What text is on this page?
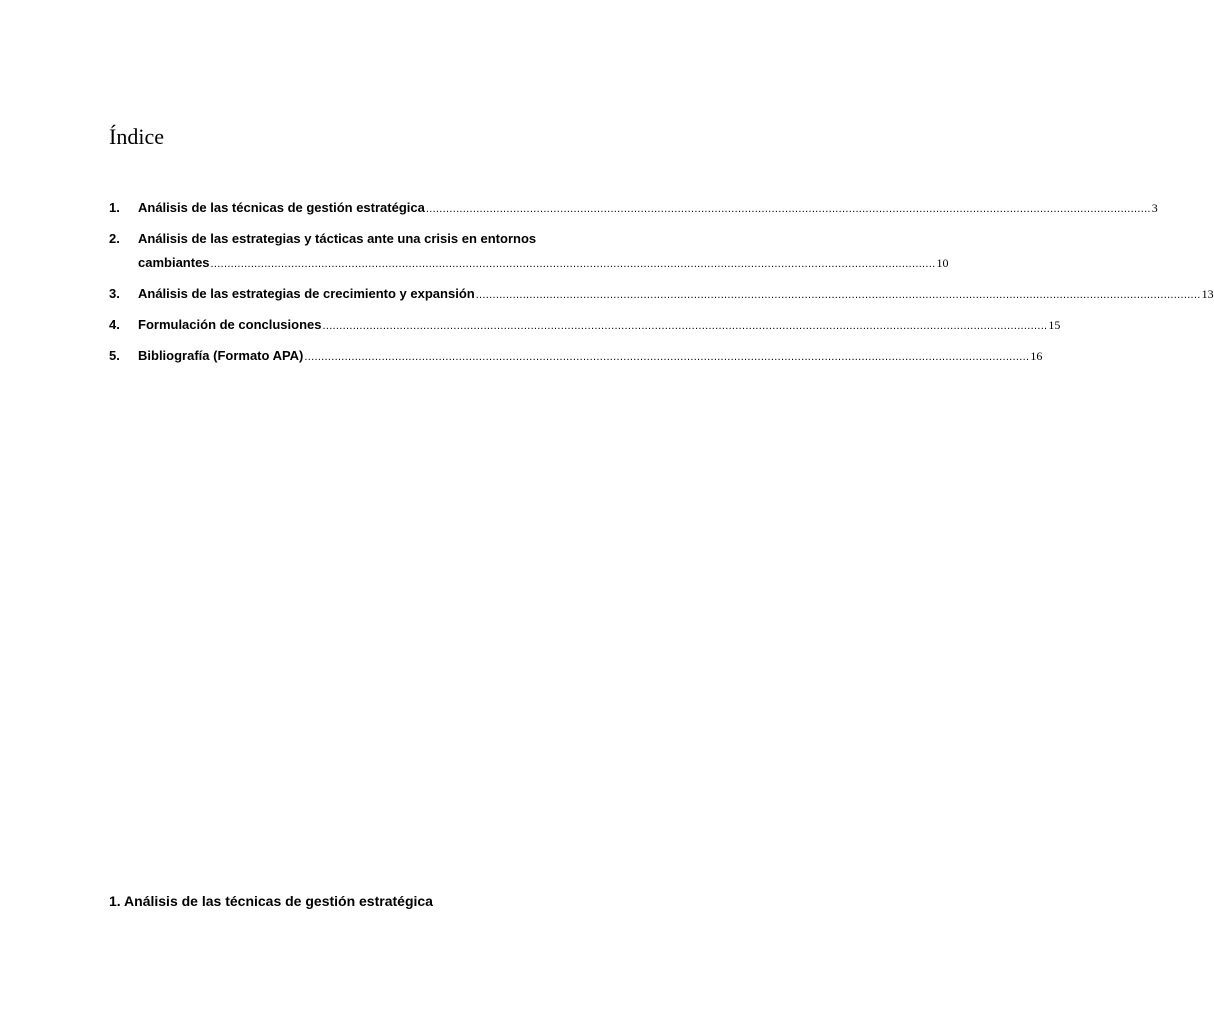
Índice
1.	Análisis de las técnicas de gestión estratégica .....	3
2.	Análisis de las estrategias y tácticas ante una crisis en entornos
cambiantes .....	10
3.	Análisis de las estrategias de crecimiento y expansión .....	13
4.	Formulación de conclusiones .....	15
5.	Bibliografía (Formato APA) .....	16
1. Análisis de las técnicas de gestión estratégica
